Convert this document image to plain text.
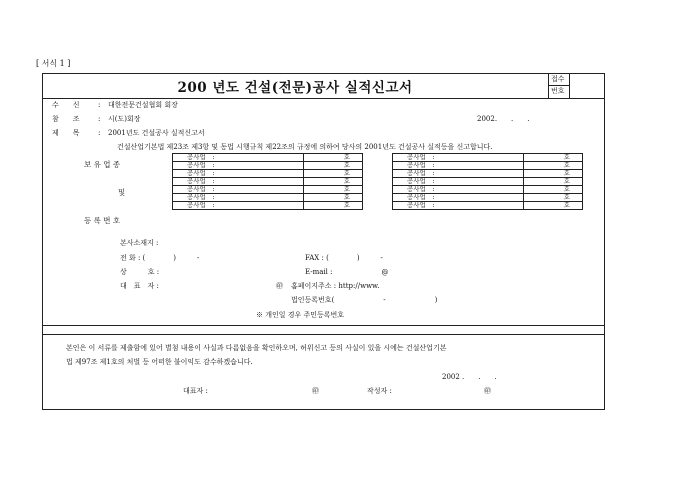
[ 서식 1 ]
200 년도 건설(전문)공사 실적신고서
접수
번호
수　　신	: 대한전문건설협회 회장
참　　조	: 시(도)회장	2002.　　.　　.
제　　목	: 2001년도 건설공사 실적신고서
건설산업기본법 제23조 제3항 및 동법 시행규칙 제22조의 규정에 의하여 당사의 2001년도 건설공사 실적등을 신고합니다.
보 유 업 종
및
등 록 번 호
공사업　:	호
공사업　:	호
공사업　:	호
공사업　:	호
공사업　:	호
공사업　:	호
공사업　:	호
공사업　:	호
공사업　:	호
공사업　:	호
공사업　:	호
공사업　:	호
공사업　:	호
공사업　:	호
본사소재지 :
전 화 : (　　　　)　　　-	FAX : (　　　　)　　　-
상　　　호 :	E-mail :　　　　　　　@
대　표　자 :	㊞ 홈페이지주소 : http://www.
법인등록번호(　　　　　　　-　　　　　　　)
※ 개인일 경우 주민등록번호
본인은 이 서류를 제출함에 있어 별첨 내용이 사실과 다름없음을 확인하오며, 허위신고 등의 사실이 있을 시에는 건설산업기본
법 제97조 제1호의 처벌 등 어떠한 불이익도 감수하겠습니다.
2002 .　　.　　.
대표자 :	㊞	작성자 :	㊞
